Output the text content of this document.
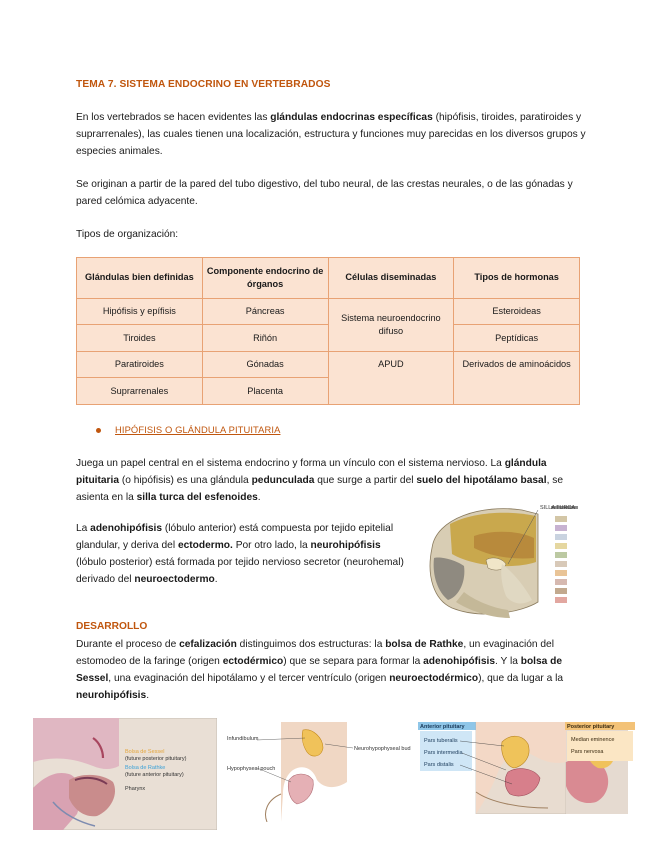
TEMA 7. SISTEMA ENDOCRINO EN VERTEBRADOS
En los vertebrados se hacen evidentes las glándulas endocrinas específicas (hipófisis, tiroides, paratiroides y suprarrenales), las cuales tienen una localización, estructura y funciones muy parecidas en los diversos grupos y especies animales.
Se originan a partir de la pared del tubo digestivo, del tubo neural, de las crestas neurales, o de las gónadas y pared celómica adyacente.
Tipos de organización:
Glándulas bien definidas	Componente endocrino de órganos	Células diseminadas	Tipos de hormonas
Hipófisis y epífisis	Páncreas	Sistema neuroendocrino difuso	Esteroideas
Tiroides	Riñón		Peptídicas
Paratiroides	Gónadas	APUD	Derivados de aminoácidos
Suprarrenales	Placenta		
HIPÓFISIS O GLÁNDULA PITUITARIA
Juega un papel central en el sistema endocrino y forma un vínculo con el sistema nervioso. La glándula pituitaria (o hipófisis) es una glándula pedunculada que surge a partir del suelo del hipotálamo basal, se asienta en la silla turca del esfenoides.
La adenohipófisis (lóbulo anterior) está compuesta por tejido epitelial glandular, y deriva del ectodermo. Por otro lado, la neurohipófisis (lóbulo posterior) está formada por tejido nervioso secretor (neurohemal) derivado del neuroectodermo.
SILLA TURCA
DESARROLLO
Durante el proceso de cefalización distinguimos dos estructuras: la bolsa de Rathke, un evaginación del estomodeo de la faringe (origen ectodérmico) que se separa para formar la adenohipófisis. Y la bolsa de Sessel, una evaginación del hipotálamo y el tercer ventrículo (origen neuroectodérmico), que da lugar a la neurohipófisis.
Bolsa de Sessel
(future posterior pituitary)
Bolsa de Rathke
(future anterior pituitary)
Pharynx
Infundibulum
Hypophyseal pouch
Neurohypophyseal bud
Anterior pituitary
Pars tuberalis
Pars intermedia
Pars distalis
Posterior pituitary
Median eminence
Pars nervosa
